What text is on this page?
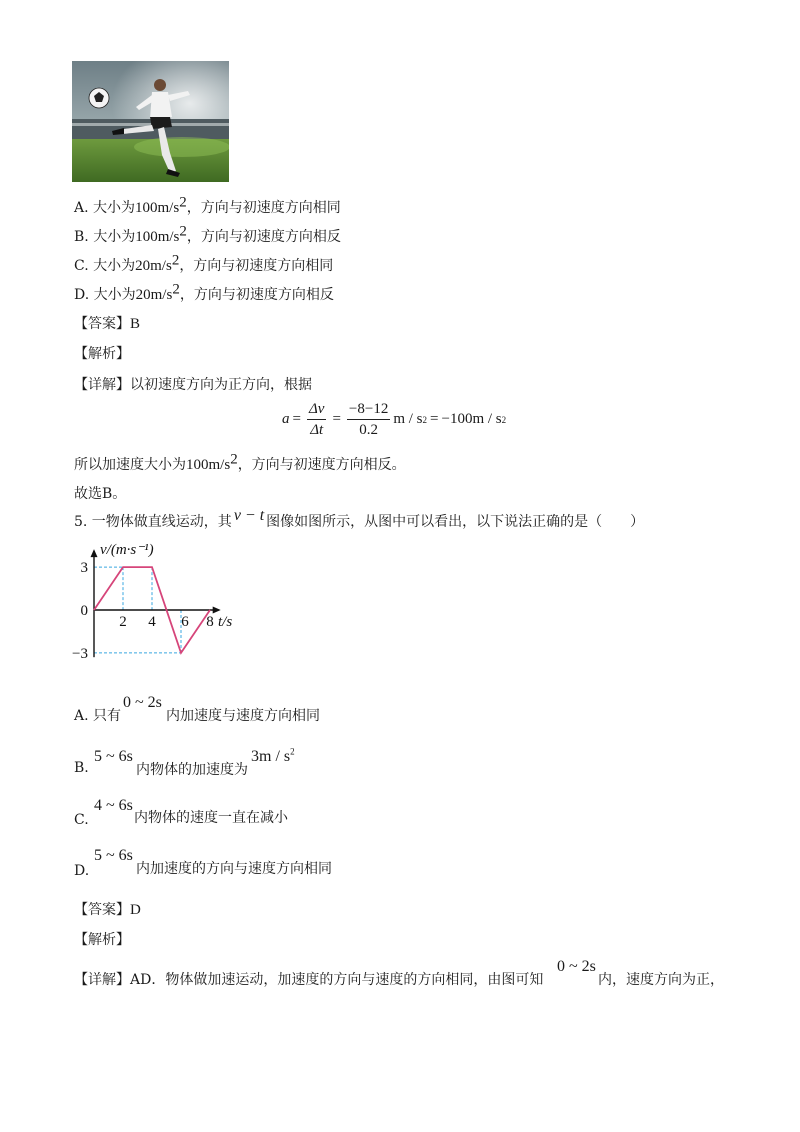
A. 大小为$100m/s^2$，方向与初速度方向相同
B. 大小为$100m/s^2$，方向与初速度方向相反
C. 大小为$20m/s^2$，方向与初速度方向相同
D. 大小为$20m/s^2$，方向与初速度方向相反
【答案】B
【解析】
【详解】以初速度方向为正方向，根据
$a = \frac{\Delta v}{\Delta t} = \frac{-8-12}{0.2}$ m / s 2 = −100m / s 2
所以加速度大小为$100m/s^2$，方向与初速度方向相反。
故选B。
5. 一物体做直线运动，其 v − t 图像如图所示，从图中可以看出，以下说法正确的是（　　）
2 4 6 8
3
0
−3
v/(m·s⁻¹)
t/s
A. 只有
0 ~ 2s
内加速度与速度方向相同
B.
5 ~ 6s
内物体的加速度为
$3m / s^2$
C.
4 ~ 6s
内物体的速度一直在减小
D.
5 ~ 6s
内加速度的方向与速度方向相同
【答案】D
【解析】
【详解】AD．物体做加速运动，加速度的方向与速度的方向相同，由图可知
0 ~ 2s
内，速度方向为正，
